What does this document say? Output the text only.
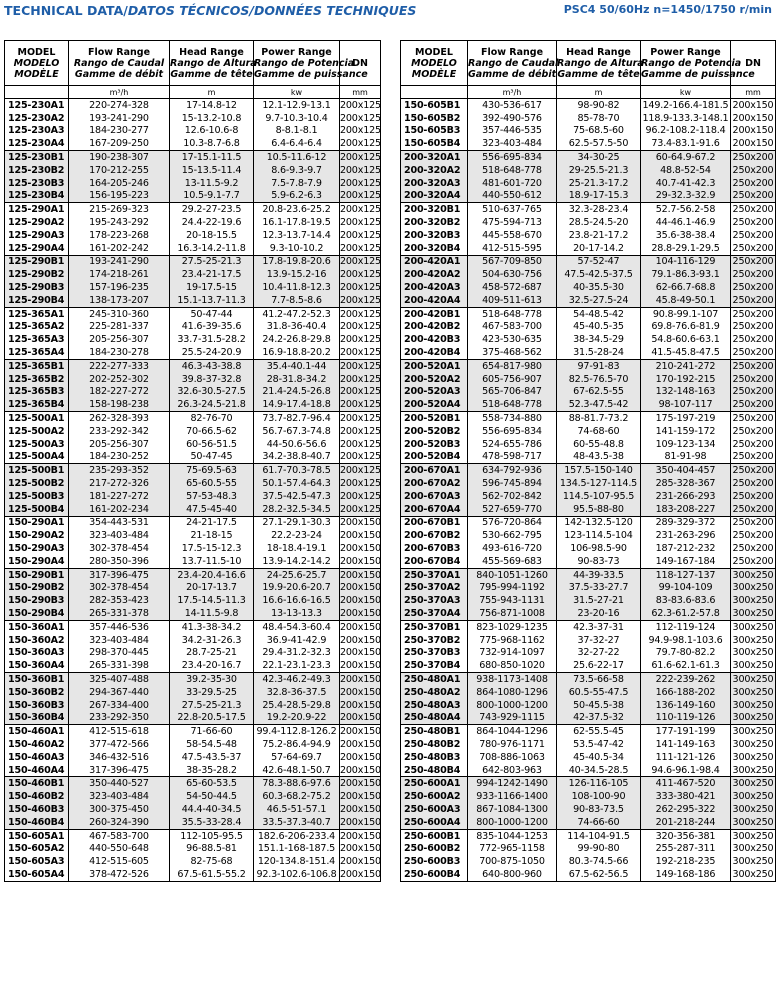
TECHNICAL DATA/DATOS TÉCNICOS/DONNÉES TECHNIQUES	PSC4 50/60Hz n=1450/1750 r/min
MODEL
MODELO
MODÈLE	Flow Range
Rango de Caudal
Gamme de débit	Head Range
Rango de Altura
Gamme de tête	Power Range
Rango de Potencia
Gamme de puissance	DN

	m³/h	m	kw	mm
125-230A1	220-274-328	17-14.8-12	12.1-12.9-13.1	200x125
125-230A2	193-241-290	15-13.2-10.8	9.7-10.3-10.4	200x125
125-230A3	184-230-277	12.6-10.6-8	8-8.1-8.1	200x125
125-230A4	167-209-250	10.3-8.7-6.8	6.4-6.4-6.4	200x125
125-230B1	190-238-307	17-15.1-11.5	10.5-11.6-12	200x125
125-230B2	170-212-255	15-13.5-11.4	8.6-9.3-9.7	200x125
125-230B3	164-205-246	13-11.5-9.2	7.5-7.8-7.9	200x125
125-230B4	156-195-223	10.5-9.1-7.7	5.9-6.2-6.3	200x125
125-290A1	215-269-323	29.2-27-23.5	20.8-23.6-25.2	200x125
125-290A2	195-243-292	24.4-22-19.6	16.1-17.8-19.5	200x125
125-290A3	178-223-268	20-18-15.5	12.3-13.7-14.4	200x125
125-290A4	161-202-242	16.3-14.2-11.8	9.3-10-10.2	200x125
125-290B1	193-241-290	27.5-25-21.3	17.8-19.8-20.6	200x125
125-290B2	174-218-261	23.4-21-17.5	13.9-15.2-16	200x125
125-290B3	157-196-235	19-17.5-15	10.4-11.8-12.3	200x125
125-290B4	138-173-207	15.1-13.7-11.3	7.7-8.5-8.6	200x125
125-365A1	245-310-360	50-47-44	41.2-47.2-52.3	200x125
125-365A2	225-281-337	41.6-39-35.6	31.8-36-40.4	200x125
125-365A3	205-256-307	33.7-31.5-28.2	24.2-26.8-29.8	200x125
125-365A4	184-230-278	25.5-24-20.9	16.9-18.8-20.2	200x125
125-365B1	222-277-333	46.3-43-38.8	35.4-40.1-44	200x125
125-365B2	202-252-302	39.8-37-32.8	28-31.8-34.2	200x125
125-365B3	182-227-272	32.6-30.5-27.5	21.4-24.5-26.8	200x125
125-365B4	158-198-238	26.3-24.5-21.8	14.9-17.4-18.8	200x125
125-500A1	262-328-393	82-76-70	73.7-82.7-96.4	200x125
125-500A2	233-292-342	70-66.5-62	56.7-67.3-74.8	200x125
125-500A3	205-256-307	60-56-51.5	44-50.6-56.6	200x125
125-500A4	184-230-252	50-47-45	34.2-38.8-40.7	200x125
125-500B1	235-293-352	75-69.5-63	61.7-70.3-78.5	200x125
125-500B2	217-272-326	65-60.5-55	50.1-57.4-64.3	200x125
125-500B3	181-227-272	57-53-48.3	37.5-42.5-47.3	200x125
125-500B4	161-202-234	47.5-45-40	28.2-32.5-34.5	200x125
150-290A1	354-443-531	24-21-17.5	27.1-29.1-30.3	200x150
150-290A2	323-403-484	21-18-15	22.2-23-24	200x150
150-290A3	302-378-454	17.5-15-12.3	18-18.4-19.1	200x150
150-290A4	280-350-396	13.7-11.5-10	13.9-14.2-14.2	200x150
150-290B1	317-396-475	23.4-20.4-16.6	24-25.6-25.7	200x150
150-290B2	302-378-454	20-17-13.7	19.9-20.6-20.7	200x150
150-290B3	282-353-423	17.5-14.5-11.3	16.6-16.6-16.5	200x150
150-290B4	265-331-378	14-11.5-9.8	13-13-13.3	200x150
150-360A1	357-446-536	41.3-38-34.2	48.4-54.3-60.4	200x150
150-360A2	323-403-484	34.2-31-26.3	36.9-41-42.9	200x150
150-360A3	298-370-445	28.7-25-21	29.4-31.2-32.3	200x150
150-360A4	265-331-398	23.4-20-16.7	22.1-23.1-23.3	200x150
150-360B1	325-407-488	39.2-35-30	42.3-46.2-49.3	200x150
150-360B2	294-367-440	33-29.5-25	32.8-36-37.5	200x150
150-360B3	267-334-400	27.5-25-21.3	25.4-28.5-29.8	200x150
150-360B4	233-292-350	22.8-20.5-17.5	19.2-20.9-22	200x150
150-460A1	412-515-618	71-66-60	99.4-112.8-126.2	200x150
150-460A2	377-472-566	58-54.5-48	75.2-86.4-94.9	200x150
150-460A3	346-432-516	47.5-43.5-37	57-64-69.7	200x150
150-460A4	317-396-475	38-35-28.2	42.6-48.1-50.7	200x150
150-460B1	350-440-527	65-60-53.5	78.3-88.6-97.6	200x150
150-460B2	323-403-484	54-50-44.5	60.3-68.2-75.2	200x150
150-460B3	300-375-450	44.4-40-34.5	46.5-51-57.1	200x150
150-460B4	260-324-390	35.5-33-28.4	33.5-37.3-40.7	200x150
150-605A1	467-583-700	112-105-95.5	182.6-206-233.4	200x150
150-605A2	440-550-648	96-88.5-81	151.1-168-187.5	200x150
150-605A3	412-515-605	82-75-68	120-134.8-151.4	200x150
150-605A4	378-472-526	67.5-61.5-55.2	92.3-102.6-106.8	200x150
MODEL
MODELO
MODÈLE	Flow Range
Rango de Caudal
Gamme de débit	Head Range
Rango de Altura
Gamme de tête	Power Range
Rango de Potencia
Gamme de puissance	DN

	m³/h	m	kw	mm
150-605B1	430-536-617	98-90-82	149.2-166.4-181.5	200x150
150-605B2	392-490-576	85-78-70	118.9-133.3-148.1	200x150
150-605B3	357-446-535	75-68.5-60	96.2-108.2-118.4	200x150
150-605B4	323-403-484	62.5-57.5-50	73.4-83.1-91.6	200x150
200-320A1	556-695-834	34-30-25	60-64.9-67.2	250x200
200-320A2	518-648-778	29-25.5-21.3	48.8-52-54	250x200
200-320A3	481-601-720	25-21.3-17.2	40.7-41-42.3	250x200
200-320A4	440-550-612	18.9-17-15.3	29-32.3-32.9	250x200
200-320B1	510-637-765	32.3-28-23.4	52.7-56.2-58	250x200
200-320B2	475-594-713	28.5-24.5-20	44-46.1-46.9	250x200
200-320B3	445-558-670	23.8-21-17.2	35.6-38-38.4	250x200
200-320B4	412-515-595	20-17-14.2	28.8-29.1-29.5	250x200
200-420A1	567-709-850	57-52-47	104-116-129	250x200
200-420A2	504-630-756	47.5-42.5-37.5	79.1-86.3-93.1	250x200
200-420A3	458-572-687	40-35.5-30	62-66.7-68.8	250x200
200-420A4	409-511-613	32.5-27.5-24	45.8-49-50.1	250x200
200-420B1	518-648-778	54-48.5-42	90.8-99.1-107	250x200
200-420B2	467-583-700	45-40.5-35	69.8-76.6-81.9	250x200
200-420B3	423-530-635	38-34.5-29	54.8-60.6-63.1	250x200
200-420B4	375-468-562	31.5-28-24	41.5-45.8-47.5	250x200
200-520A1	654-817-980	97-91-83	210-241-272	250x200
200-520A2	605-756-907	82.5-76.5-70	170-192-215	250x200
200-520A3	565-706-847	67-62.5-55	132-148-163	250x200
200-520A4	518-648-778	52.3-47.5-42	98-107-117	250x200
200-520B1	558-734-880	88-81.7-73.2	175-197-219	250x200
200-520B2	556-695-834	74-68-60	141-159-172	250x200
200-520B3	524-655-786	60-55-48.8	109-123-134	250x200
200-520B4	478-598-717	48-43.5-38	81-91-98	250x200
200-670A1	634-792-936	157.5-150-140	350-404-457	250x200
200-670A2	596-745-894	134.5-127-114.5	285-328-367	250x200
200-670A3	562-702-842	114.5-107-95.5	231-266-293	250x200
200-670A4	527-659-770	95.5-88-80	183-208-227	250x200
200-670B1	576-720-864	142-132.5-120	289-329-372	250x200
200-670B2	530-662-795	123-114.5-104	231-263-296	250x200
200-670B3	493-616-720	106-98.5-90	187-212-232	250x200
200-670B4	455-569-683	90-83-73	149-167-184	250x200
250-370A1	840-1051-1260	44-39-33.5	118-127-137	300x250
250-370A2	795-994-1192	37.5-33-27.7	99-104-109	300x250
250-370A3	755-943-1131	31.5-27-21	83-83.6-83.6	300x250
250-370A4	756-871-1008	23-20-16	62.3-61.2-57.8	300x250
250-370B1	823-1029-1235	42.3-37-31	112-119-124	300x250
250-370B2	775-968-1162	37-32-27	94.9-98.1-103.6	300x250
250-370B3	732-914-1097	32-27-22	79.7-80-82.2	300x250
250-370B4	680-850-1020	25.6-22-17	61.6-62.1-61.3	300x250
250-480A1	938-1173-1408	73.5-66-58	222-239-262	300x250
250-480A2	864-1080-1296	60.5-55-47.5	166-188-202	300x250
250-480A3	800-1000-1200	50-45.5-38	136-149-160	300x250
250-480A4	743-929-1115	42-37.5-32	110-119-126	300x250
250-480B1	864-1044-1296	62-55.5-45	177-191-199	300x250
250-480B2	780-976-1171	53.5-47-42	141-149-163	300x250
250-480B3	708-886-1063	45-40.5-34	111-121-126	300x250
250-480B4	642-803-963	40-34.5-28.5	94.6-96.1-98.4	300x250
250-600A1	994-1242-1490	126-116-105	411-467-520	300x250
250-600A2	933-1166-1400	108-100-90	333-380-421	300x250
250-600A3	867-1084-1300	90-83-73.5	262-295-322	300x250
250-600A4	800-1000-1200	74-66-60	201-218-244	300x250
250-600B1	835-1044-1253	114-104-91.5	320-356-381	300x250
250-600B2	772-965-1158	99-90-80	255-287-311	300x250
250-600B3	700-875-1050	80.3-74.5-66	192-218-235	300x250
250-600B4	640-800-960	67.5-62-56.5	149-168-186	300x250
